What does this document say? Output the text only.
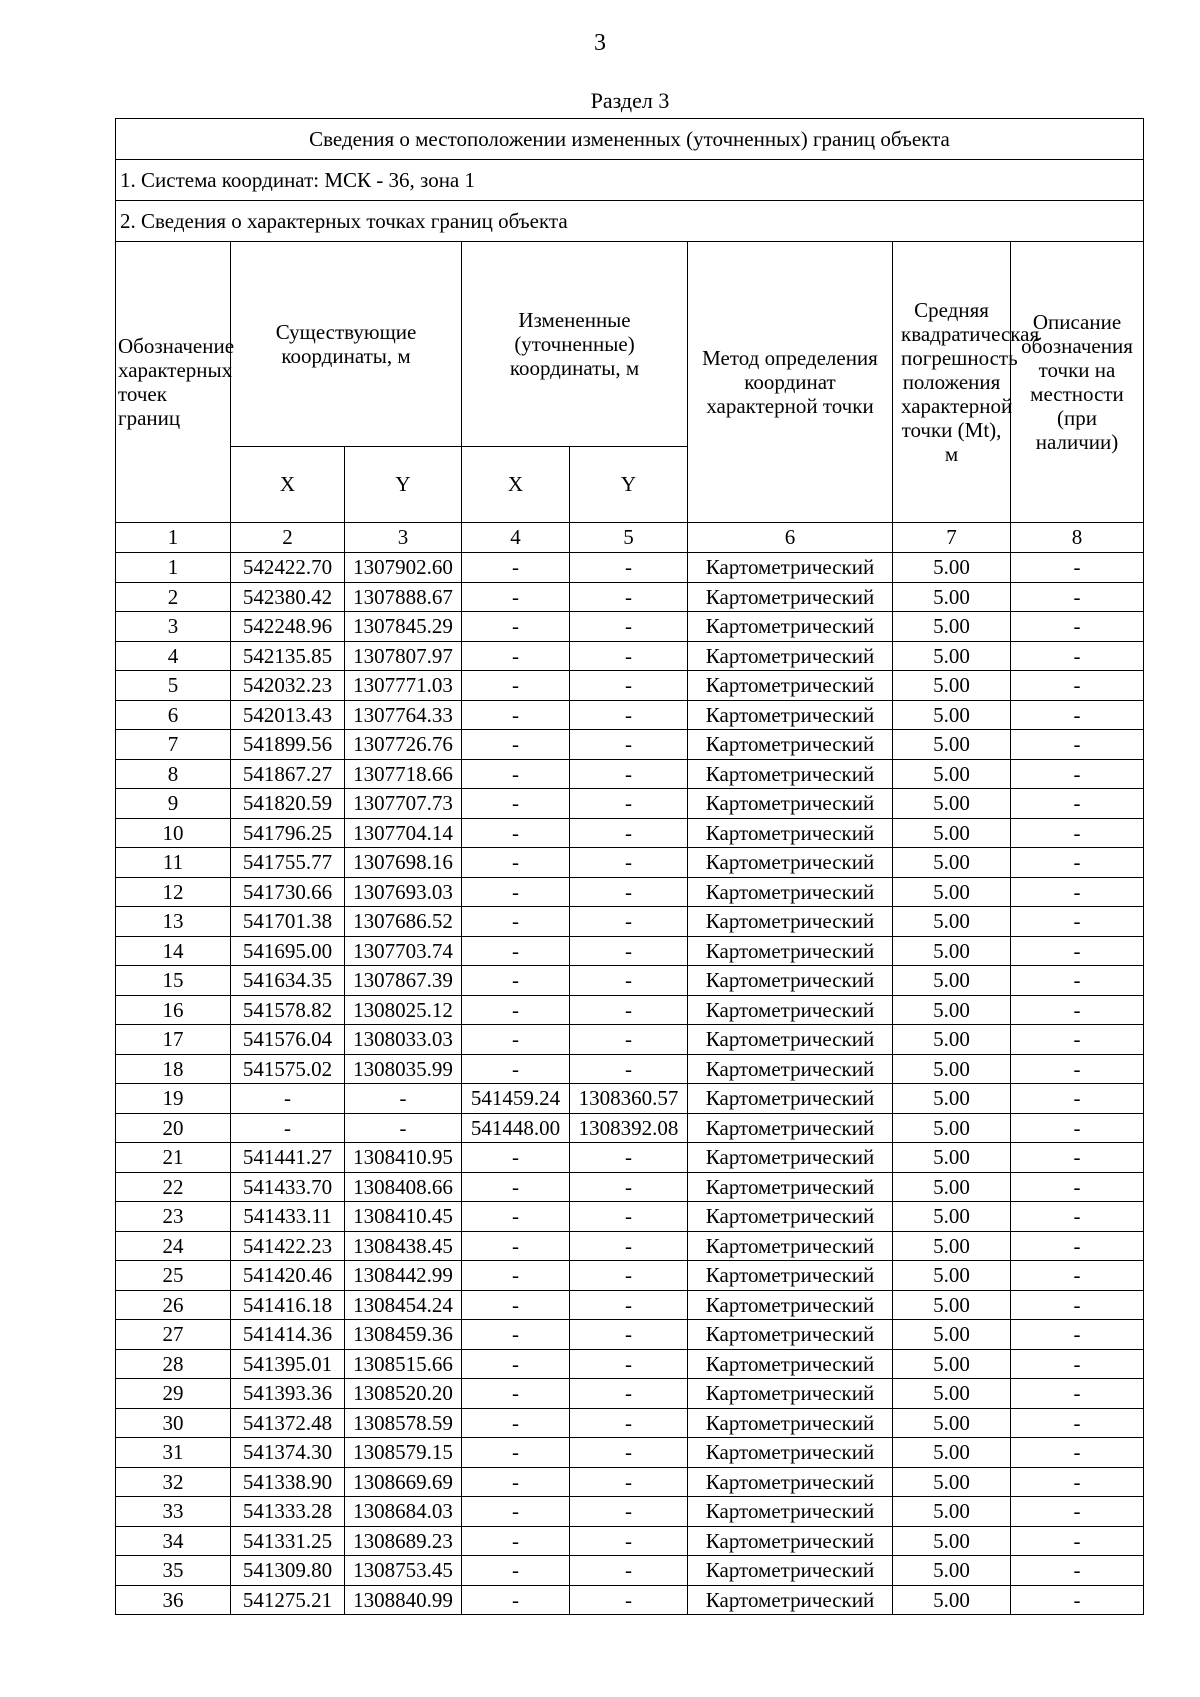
3
Раздел 3
Сведения о местоположении измененных (уточненных) границ объекта							
1. Система координат: МСК - 36, зона 1							
2. Сведения о характерных точках границ объекта							
Обозначение характерных точек границ	Существующие координаты, м		Измененные (уточненные) координаты, м		Метод определения координат характерной точки	Средняя квадратическая погрешность положения характерной точки (Mt), м	Описание обозначения точки на местности (при наличии)
	X	Y	X	Y			
1	2	3	4	5	6	7	8
1	542422.70	1307902.60	-	-	Картометрический	5.00	-
2	542380.42	1307888.67	-	-	Картометрический	5.00	-
3	542248.96	1307845.29	-	-	Картометрический	5.00	-
4	542135.85	1307807.97	-	-	Картометрический	5.00	-
5	542032.23	1307771.03	-	-	Картометрический	5.00	-
6	542013.43	1307764.33	-	-	Картометрический	5.00	-
7	541899.56	1307726.76	-	-	Картометрический	5.00	-
8	541867.27	1307718.66	-	-	Картометрический	5.00	-
9	541820.59	1307707.73	-	-	Картометрический	5.00	-
10	541796.25	1307704.14	-	-	Картометрический	5.00	-
11	541755.77	1307698.16	-	-	Картометрический	5.00	-
12	541730.66	1307693.03	-	-	Картометрический	5.00	-
13	541701.38	1307686.52	-	-	Картометрический	5.00	-
14	541695.00	1307703.74	-	-	Картометрический	5.00	-
15	541634.35	1307867.39	-	-	Картометрический	5.00	-
16	541578.82	1308025.12	-	-	Картометрический	5.00	-
17	541576.04	1308033.03	-	-	Картометрический	5.00	-
18	541575.02	1308035.99	-	-	Картометрический	5.00	-
19	-	-	541459.24	1308360.57	Картометрический	5.00	-
20	-	-	541448.00	1308392.08	Картометрический	5.00	-
21	541441.27	1308410.95	-	-	Картометрический	5.00	-
22	541433.70	1308408.66	-	-	Картометрический	5.00	-
23	541433.11	1308410.45	-	-	Картометрический	5.00	-
24	541422.23	1308438.45	-	-	Картометрический	5.00	-
25	541420.46	1308442.99	-	-	Картометрический	5.00	-
26	541416.18	1308454.24	-	-	Картометрический	5.00	-
27	541414.36	1308459.36	-	-	Картометрический	5.00	-
28	541395.01	1308515.66	-	-	Картометрический	5.00	-
29	541393.36	1308520.20	-	-	Картометрический	5.00	-
30	541372.48	1308578.59	-	-	Картометрический	5.00	-
31	541374.30	1308579.15	-	-	Картометрический	5.00	-
32	541338.90	1308669.69	-	-	Картометрический	5.00	-
33	541333.28	1308684.03	-	-	Картометрический	5.00	-
34	541331.25	1308689.23	-	-	Картометрический	5.00	-
35	541309.80	1308753.45	-	-	Картометрический	5.00	-
36	541275.21	1308840.99	-	-	Картометрический	5.00	-
